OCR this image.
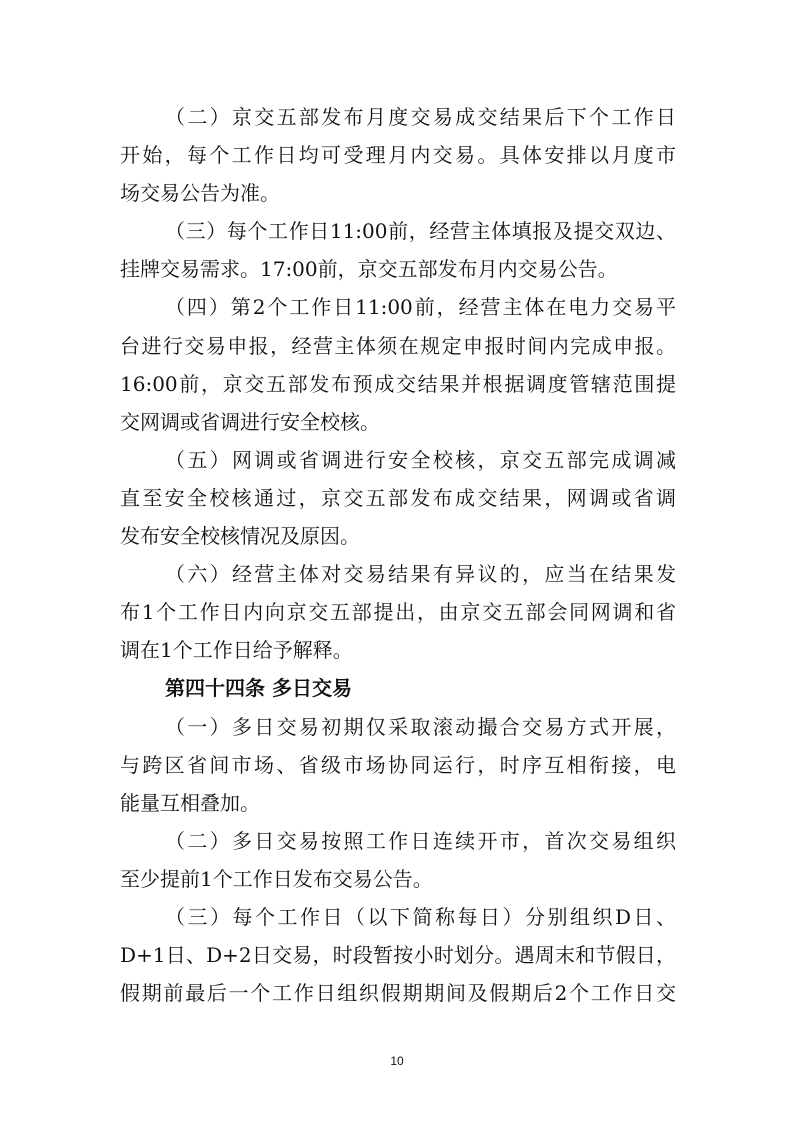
（二）京交五部发布月度交易成交结果后下个工作日
开始，每个工作日均可受理月内交易。具体安排以月度市
场交易公告为准。
（三）每个工作日11:00前，经营主体填报及提交双边、
挂牌交易需求。17:00前，京交五部发布月内交易公告。
（四）第2个工作日11:00前，经营主体在电力交易平
台进行交易申报，经营主体须在规定申报时间内完成申报。
16:00前，京交五部发布预成交结果并根据调度管辖范围提
交网调或省调进行安全校核。
（五）网调或省调进行安全校核，京交五部完成调减
直至安全校核通过，京交五部发布成交结果，网调或省调
发布安全校核情况及原因。
（六）经营主体对交易结果有异议的，应当在结果发
布1个工作日内向京交五部提出，由京交五部会同网调和省
调在1个工作日给予解释。
第四十四条 多日交易
（一）多日交易初期仅采取滚动撮合交易方式开展，
与跨区省间市场、省级市场协同运行，时序互相衔接，电
能量互相叠加。
（二）多日交易按照工作日连续开市，首次交易组织
至少提前1个工作日发布交易公告。
（三）每个工作日（以下简称每日）分别组织D日、
D+1日、D+2日交易，时段暂按小时划分。遇周末和节假日，
假期前最后一个工作日组织假期期间及假期后2个工作日交
10
